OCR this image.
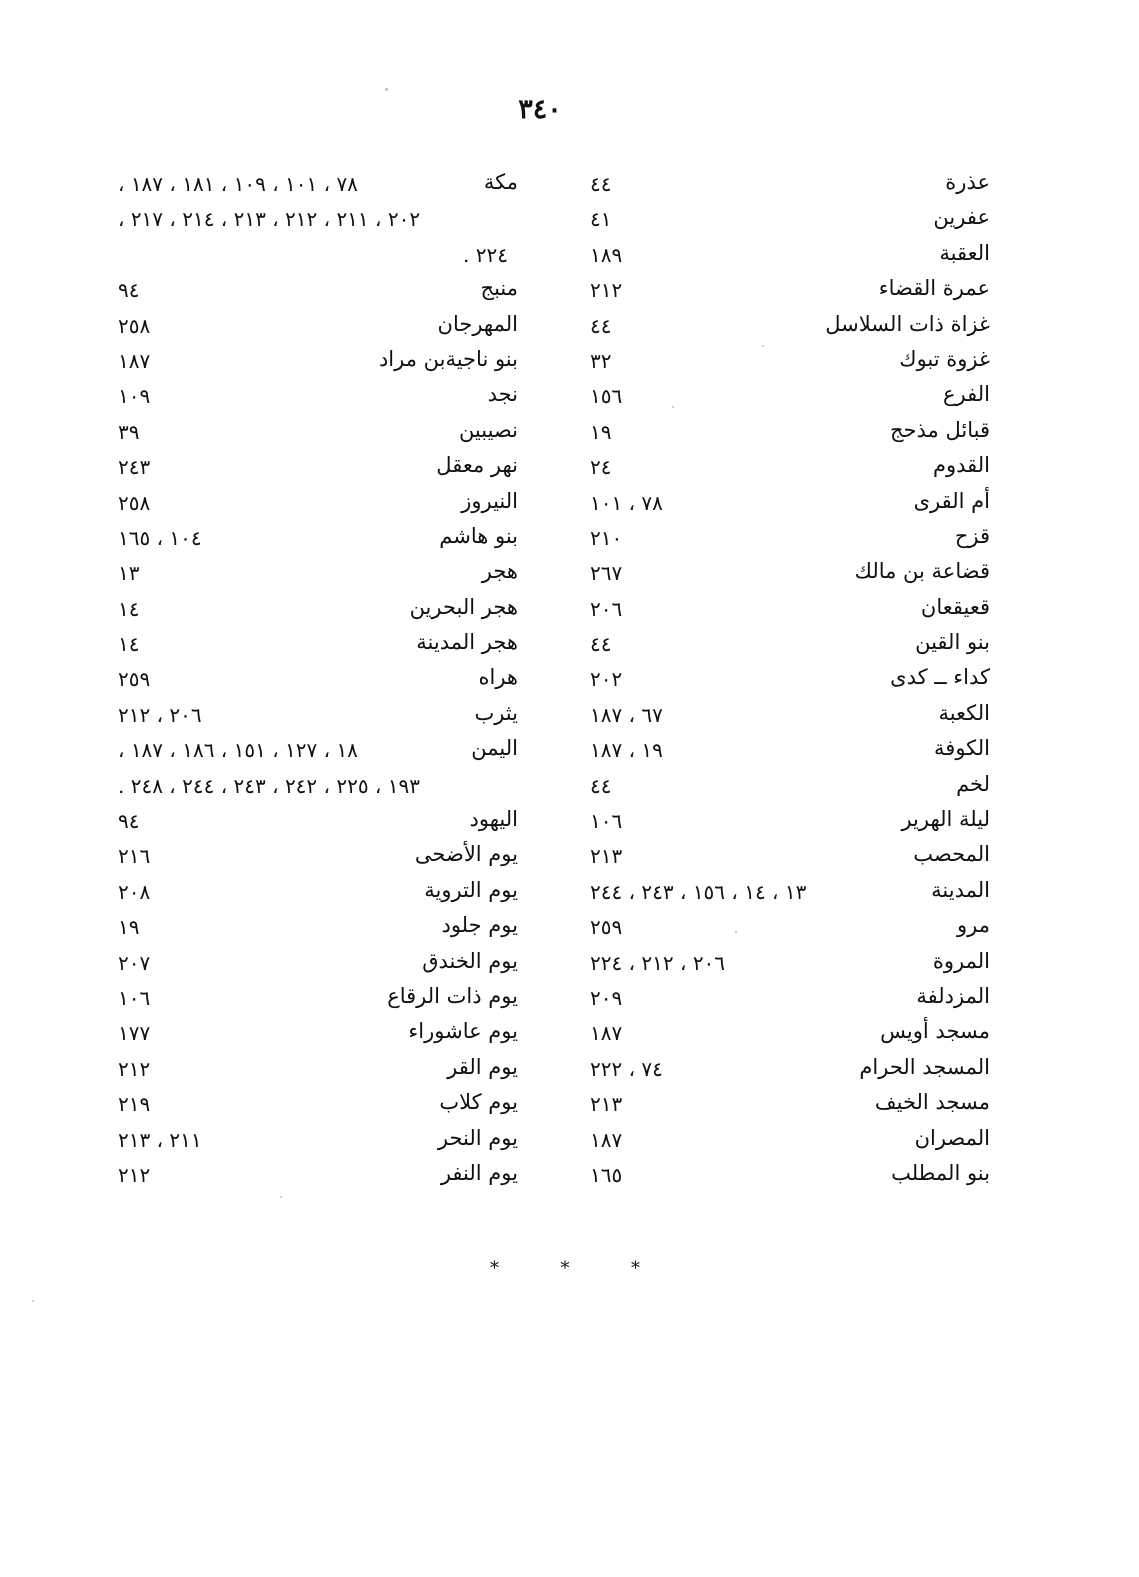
٣٤٠
عذرة
٤٤
عفرين
٤١
العقبة
١٨٩
عمرة القضاء
٢١٢
غزاة ذات السلاسل
٤٤
غزوة تبوك
٣٢
الفرع
١٥٦
قبائل مذحج
١٩
القدوم
٢٤
أم القرى
٧٨ ، ١٠١
قزح
٢١٠
قضاعة بن مالك
٢٦٧
قعيقعان
٢٠٦
بنو القين
٤٤
كداء ــ كدى
٢٠٢
الكعبة
٦٧ ، ١٨٧
الكوفة
١٩ ، ١٨٧
لخم
٤٤
ليلة الهرير
١٠٦
المحصب
٢١٣
المدينة
١٣ ، ١٤ ، ١٥٦ ، ٢٤٣ ، ٢٤٤
مرو
٢٥٩
المروة
٢٠٦ ، ٢١٢ ، ٢٢٤
المزدلفة
٢٠٩
مسجد أويس
١٨٧
المسجد الحرام
٧٤ ، ٢٢٢
مسجد الخيف
٢١٣
المصران
١٨٧
بنو المطلب
١٦٥
مكة
٧٨ ، ١٠١ ، ١٠٩ ، ١٨١ ، ١٨٧ ،
٢٠٢ ، ٢١١ ، ٢١٢ ، ٢١٣ ، ٢١٤ ، ٢١٧ ،
٢٢٤ .
منبج
٩٤
المهرجان
٢٥٨
بنو ناجيةبن مراد
١٨٧
نجد
١٠٩
نصيبين
٣٩
نهر معقل
٢٤٣
النيروز
٢٥٨
بنو هاشم
١٠٤ ، ١٦٥
هجر
١٣
هجر البحرين
١٤
هجر المدينة
١٤
هراه
٢٥٩
يثرب
٢٠٦ ، ٢١٢
اليمن
١٨ ، ١٢٧ ، ١٥١ ، ١٨٦ ، ١٨٧ ،
١٩٣ ، ٢٢٥ ، ٢٤٢ ، ٢٤٣ ، ٢٤٤ ، ٢٤٨ .
اليهود
٩٤
يوم الأضحى
٢١٦
يوم التروية
٢٠٨
يوم جلود
١٩
يوم الخندق
٢٠٧
يوم ذات الرقاع
١٠٦
يوم عاشوراء
١٧٧
يوم القر
٢١٢
يوم كلاب
٢١٩
يوم النحر
٢١١ ، ٢١٣
يوم النفر
٢١٢
*	*	*
